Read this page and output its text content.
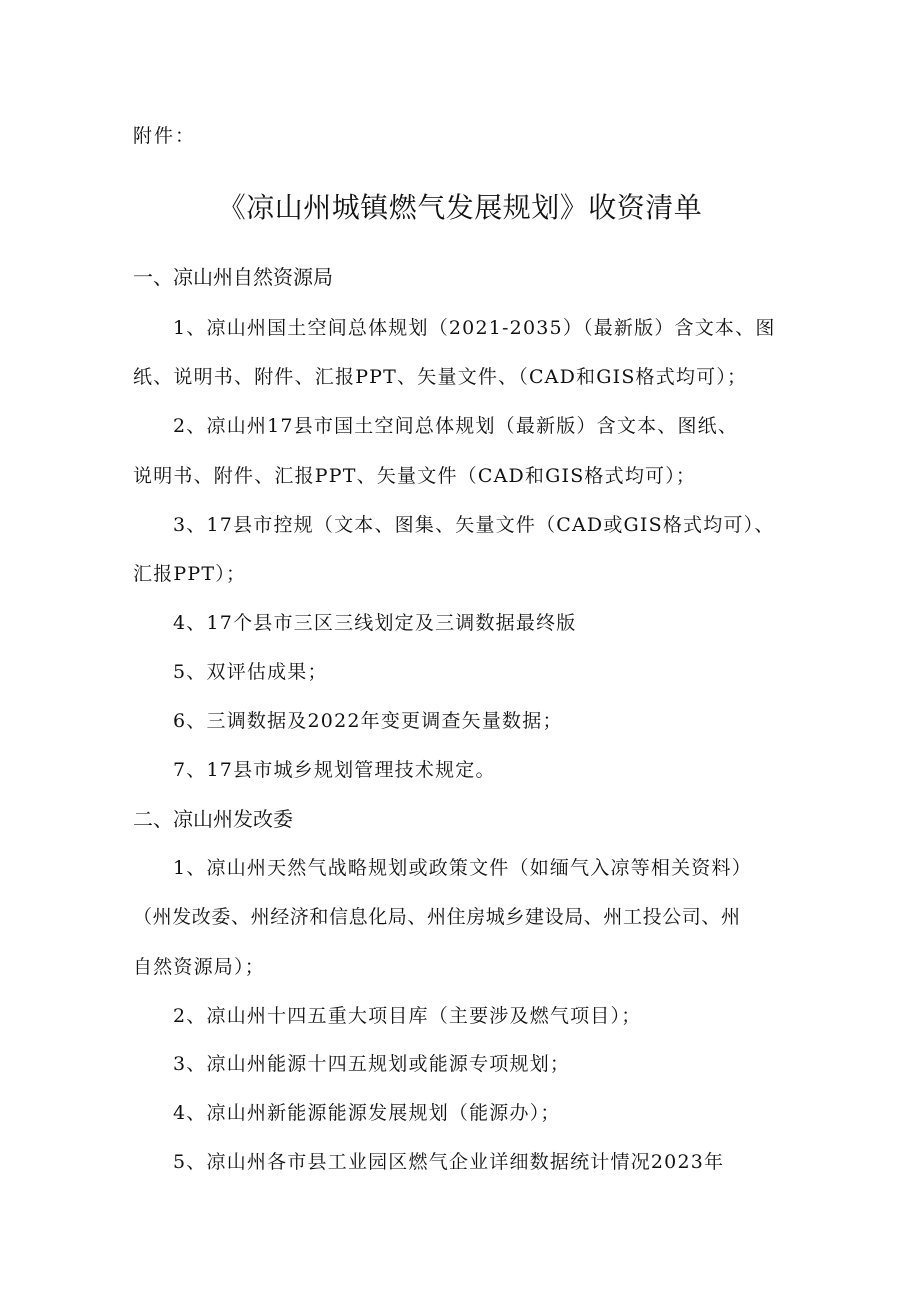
附件：
《凉山州城镇燃气发展规划》收资清单
一、凉山州自然资源局
1、凉山州国土空间总体规划（2021-2035）（最新版）含文本、图
纸、说明书、附件、汇报PPT、矢量文件、（CAD和GIS格式均可）；
2、凉山州17县市国土空间总体规划（最新版）含文本、图纸、
说明书、附件、汇报PPT、矢量文件（CAD和GIS格式均可）；
3、17县市控规（文本、图集、矢量文件（CAD或GIS格式均可）、
汇报PPT）；
4、17个县市三区三线划定及三调数据最终版
5、双评估成果；
6、三调数据及2022年变更调查矢量数据；
7、17县市城乡规划管理技术规定。
二、凉山州发改委
1、凉山州天然气战略规划或政策文件（如缅气入凉等相关资料）
（州发改委、州经济和信息化局、州住房城乡建设局、州工投公司、州
自然资源局）；
2、凉山州十四五重大项目库（主要涉及燃气项目）；
3、凉山州能源十四五规划或能源专项规划；
4、凉山州新能源能源发展规划（能源办）；
5、凉山州各市县工业园区燃气企业详细数据统计情况2023年
